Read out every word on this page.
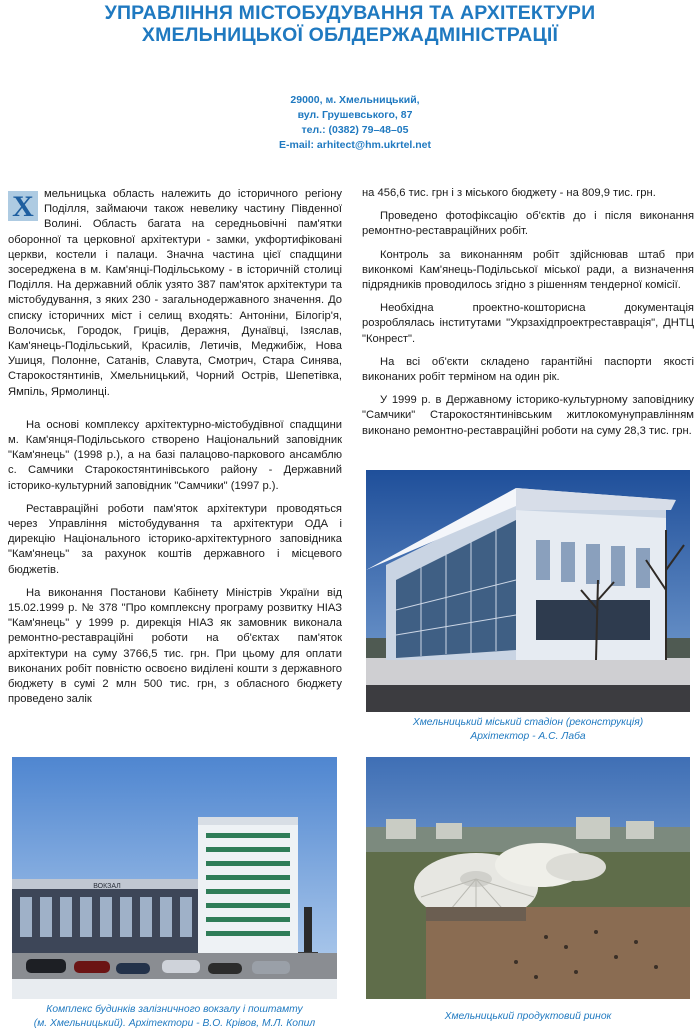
УПРАВЛІННЯ МІСТОБУДУВАННЯ ТА АРХІТЕКТУРИ
ХМЕЛЬНИЦЬКОЇ ОБЛДЕРЖАДМІНІСТРАЦІЇ
29000, м. Хмельницький,
вул. Грушевського, 87
тел.: (0382) 79–48–05
E-mail: arhitect@hm.ukrtel.net

Х мельницька область належить до історичного регіону Поділля, займаючи також невелику частину Південної Волині. Область багата на середньовічні пам'ятки оборонної та церковної архітектури - замки, укфортифіковані церкви, костели і палаци. Значна частина цієї спадщини зосереджена в м. Кам'янці-Подільському - в історичній столиці Поділля. На державний облік узято 387 пам'яток архітектури та містобудування, з яких 230 - загальнодержавного значення. До списку історичних міст і селищ входять: Антоніни, Білогір'я, Волочиськ, Городок, Гриців, Деражня, Дунаївці, Ізяслав, Кам'янець-Подільський, Красилів, Летичів, Меджибіж, Нова Ушиця, Полонне, Сатанів, Славута, Смотрич, Стара Синява, Старокостянтинів, Хмельницький, Чорний Острів, Шепетівка, Ямпіль, Ярмолинці.

На основі комплексу архітектурно-містобудівної спадщини м. Кам'янця-Подільського створено Національний заповідник "Кам'янець" (1998 р.), а на базі палацово-паркового ансамблю с. Самчики Старокостянтинівського району - Державний історико-культурний заповідник "Самчики" (1997 р.).

Реставраційні роботи пам'яток архітектури проводяться через Управління містобудування та архітектури ОДА і дирекцію Національного історико-архітектурного заповідника "Кам'янець" за рахунок коштів державного і місцевого бюджетів.

На виконання Постанови Кабінету Міністрів України від 15.02.1999 р. № 378 "Про комплексну програму розвитку НІАЗ "Кам'янець" у 1999 р. дирекція НІАЗ як замовник виконала ремонтно-реставраційні роботи на об'єктах пам'яток архітектури на суму 3766,5 тис. грн. При цьому для оплати виконаних робіт повністю освоєно виділені кошти з державного бюджету в сумі 2 млн 500 тис. грн, з обласного бюджету проведено залік

на 456,6 тис. грн і з міського бюджету - на 809,9 тис. грн.

Проведено фотофіксацію об'єктів до і після виконання ремонтно-реставраційних робіт.

Контроль за виконанням робіт здійснював штаб при виконкомі Кам'янець-Подільської міської ради, а визначення підрядників проводилось згідно з рішенням тендерної комісії.

Необхідна проектно-кошторисна документація розроблялась інститутами "Укрзахідпроектреставрація", ДНТЦ "Конрест".

На всі об'єкти складено гарантійні паспорти якості виконаних робіт терміном на один рік.

У 1999 р. в Державному історико-культурному заповіднику "Самчики" Старокостянтинівським житлокомунуправлінням виконано ремонтно-реставраційні роботи на суму 28,3 тис. грн.

Хмельницький міський стадіон (реконструкція)
Архітектор - А.С. Лаба
ВОКЗАЛ
Комплекс будинків залізничного вокзалу і поштамту
(м. Хмельницький). Архітектори - В.О. Крівов, М.Л. Копил
Хмельницький продуктовий ринок
